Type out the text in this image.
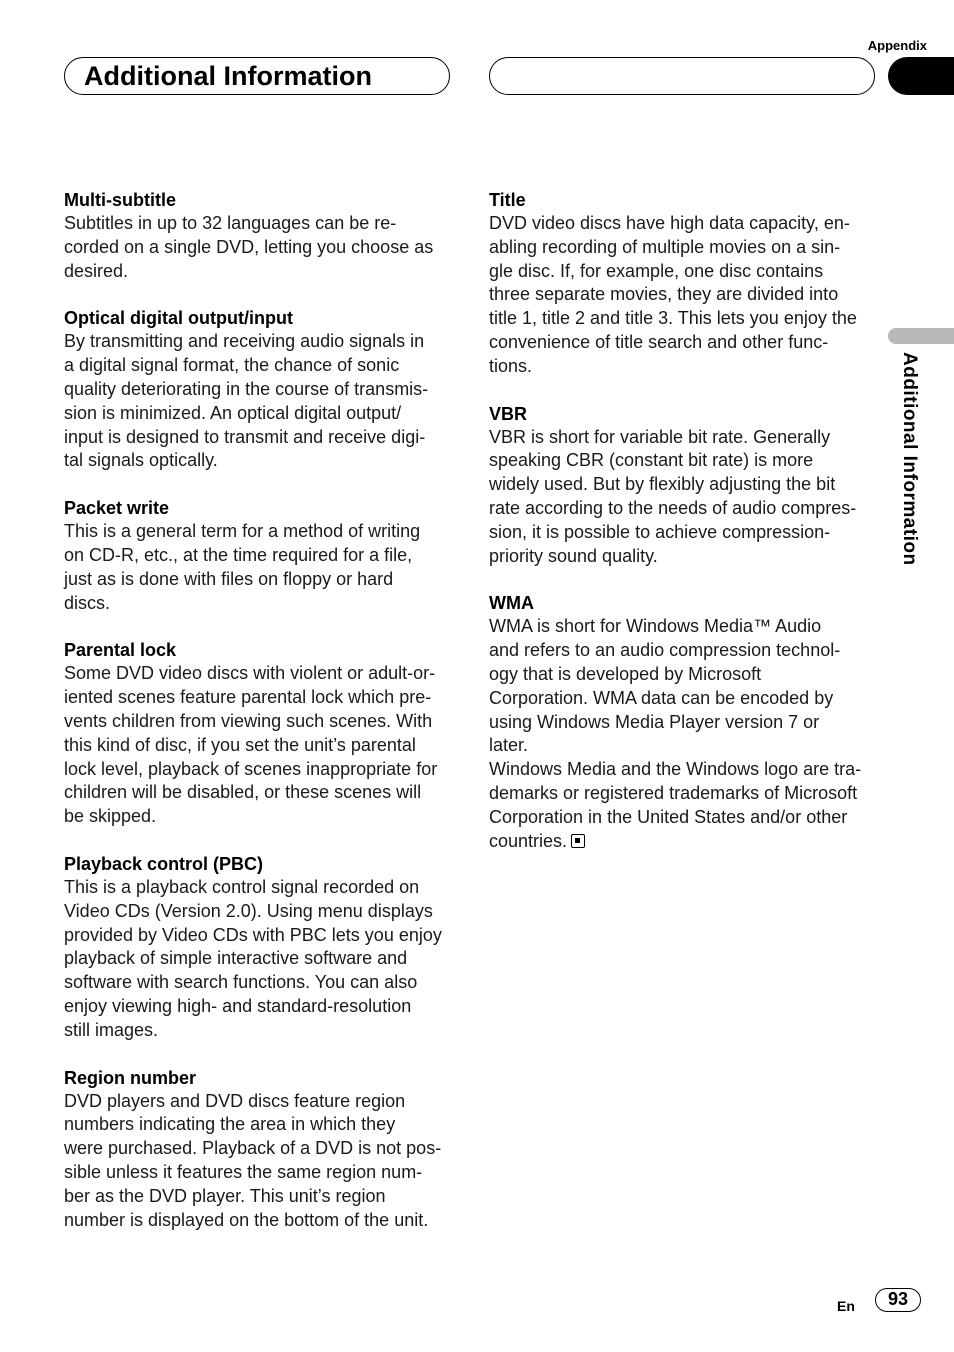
Appendix
Additional Information
Additional Information
Multi-subtitle

Subtitles in up to 32 languages can be re-
corded on a single DVD, letting you choose as
desired.

Optical digital output/input

By transmitting and receiving audio signals in
a digital signal format, the chance of sonic
quality deteriorating in the course of transmis-
sion is minimized. An optical digital output/
input is designed to transmit and receive digi-
tal signals optically.

Packet write

This is a general term for a method of writing
on CD-R, etc., at the time required for a file,
just as is done with files on floppy or hard
discs.

Parental lock

Some DVD video discs with violent or adult-or-
iented scenes feature parental lock which pre-
vents children from viewing such scenes. With
this kind of disc, if you set the unit’s parental
lock level, playback of scenes inappropriate for
children will be disabled, or these scenes will
be skipped.

Playback control (PBC)

This is a playback control signal recorded on
Video CDs (Version 2.0). Using menu displays
provided by Video CDs with PBC lets you enjoy
playback of simple interactive software and
software with search functions. You can also
enjoy viewing high- and standard-resolution
still images.

Region number

DVD players and DVD discs feature region
numbers indicating the area in which they
were purchased. Playback of a DVD is not pos-
sible unless it features the same region num-
ber as the DVD player. This unit’s region
number is displayed on the bottom of the unit.

Title

DVD video discs have high data capacity, en-
abling recording of multiple movies on a sin-
gle disc. If, for example, one disc contains
three separate movies, they are divided into
title 1, title 2 and title 3. This lets you enjoy the
convenience of title search and other func-
tions.

VBR

VBR is short for variable bit rate. Generally
speaking CBR (constant bit rate) is more
widely used. But by flexibly adjusting the bit
rate according to the needs of audio compres-
sion, it is possible to achieve compression-
priority sound quality.

WMA

WMA is short for Windows Media™ Audio
and refers to an audio compression technol-
ogy that is developed by Microsoft
Corporation. WMA data can be encoded by
using Windows Media Player version 7 or
later.

Windows Media and the Windows logo are tra-
demarks or registered trademarks of Microsoft
Corporation in the United States and/or other
countries.

En	93
